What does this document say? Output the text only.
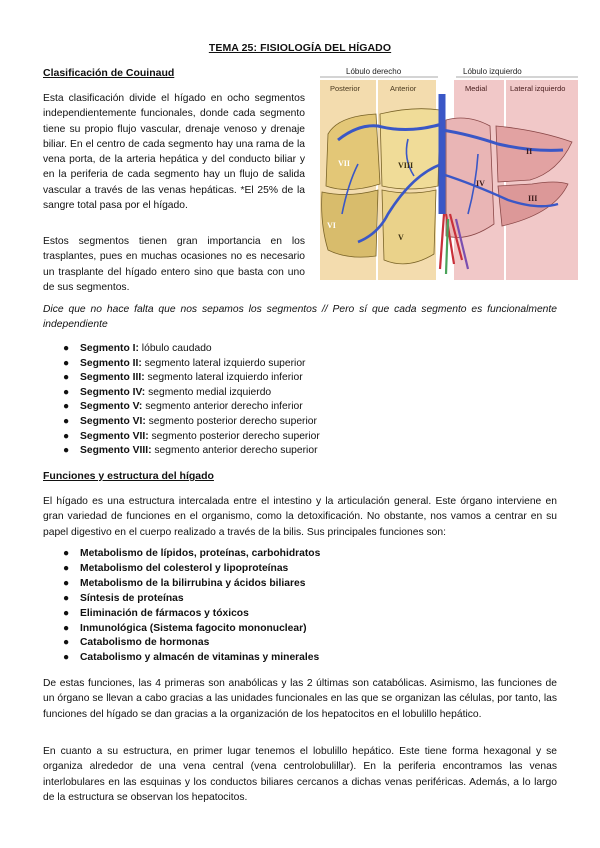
TEMA 25: FISIOLOGÍA DEL HÍGADO
Clasificación de Couinaud

Esta clasificación divide el hígado en ocho segmentos independientemente funcionales, donde cada segmento tiene su propio flujo vascular, drenaje venoso y drenaje biliar. En el centro de cada segmento hay una rama de la vena porta, de la arteria hepática y del conducto biliar y en la periferia de cada segmento hay un flujo de salida vascular a través de las venas hepáticas. *El 25% de la sangre total pasa por el hígado.

Estos segmentos tienen gran importancia en los trasplantes, pues en muchas ocasiones no es necesario un trasplante del hígado entero sino que basta con uno de sus segmentos.

Lóbulo derecho	Lóbulo izquierdo
Posterior	Anterior	Medial	Lateral izquierdo
VII	VIII
VI
V
IV
II
III

Dice que no hace falta que nos sepamos los segmentos // Pero sí que cada segmento es funcionalmente independiente

● Segmento I: lóbulo caudado
● Segmento II: segmento lateral izquierdo superior
● Segmento III: segmento lateral izquierdo inferior
● Segmento IV: segmento medial izquierdo
● Segmento V: segmento anterior derecho inferior
● Segmento VI: segmento posterior derecho superior
● Segmento VII: segmento posterior derecho superior
● Segmento VIII: segmento anterior derecho superior
Funciones y estructura del hígado

El hígado es una estructura intercalada entre el intestino y la articulación general. Este órgano interviene en gran variedad de funciones en el organismo, como la detoxificación. No obstante, nos vamos a centrar en su papel digestivo en el cuerpo realizado a través de la bilis. Sus principales funciones son:

● Metabolismo de lípidos, proteínas, carbohidratos
● Metabolismo del colesterol y lipoproteínas
● Metabolismo de la bilirrubina y ácidos biliares
● Síntesis de proteínas
● Eliminación de fármacos y tóxicos
● Inmunológica (Sistema fagocito mononuclear)
● Catabolismo de hormonas
● Catabolismo y almacén de vitaminas y minerales

De estas funciones, las 4 primeras son anabólicas y las 2 últimas son catabólicas. Asimismo, las funciones de un órgano se llevan a cabo gracias a las unidades funcionales en las que se organizan las células, por tanto, las funciones del hígado se dan gracias a la organización de los hepatocitos en el lobulillo hepático.

En cuanto a su estructura, en primer lugar tenemos el lobulillo hepático. Este tiene forma hexagonal y se organiza alrededor de una vena central (vena centrolobulillar). En la periferia encontramos las venas interlobulares en las esquinas y los conductos biliares cercanos a dichas venas periféricas. Además, a lo largo de la estructura se observan los hepatocitos.
